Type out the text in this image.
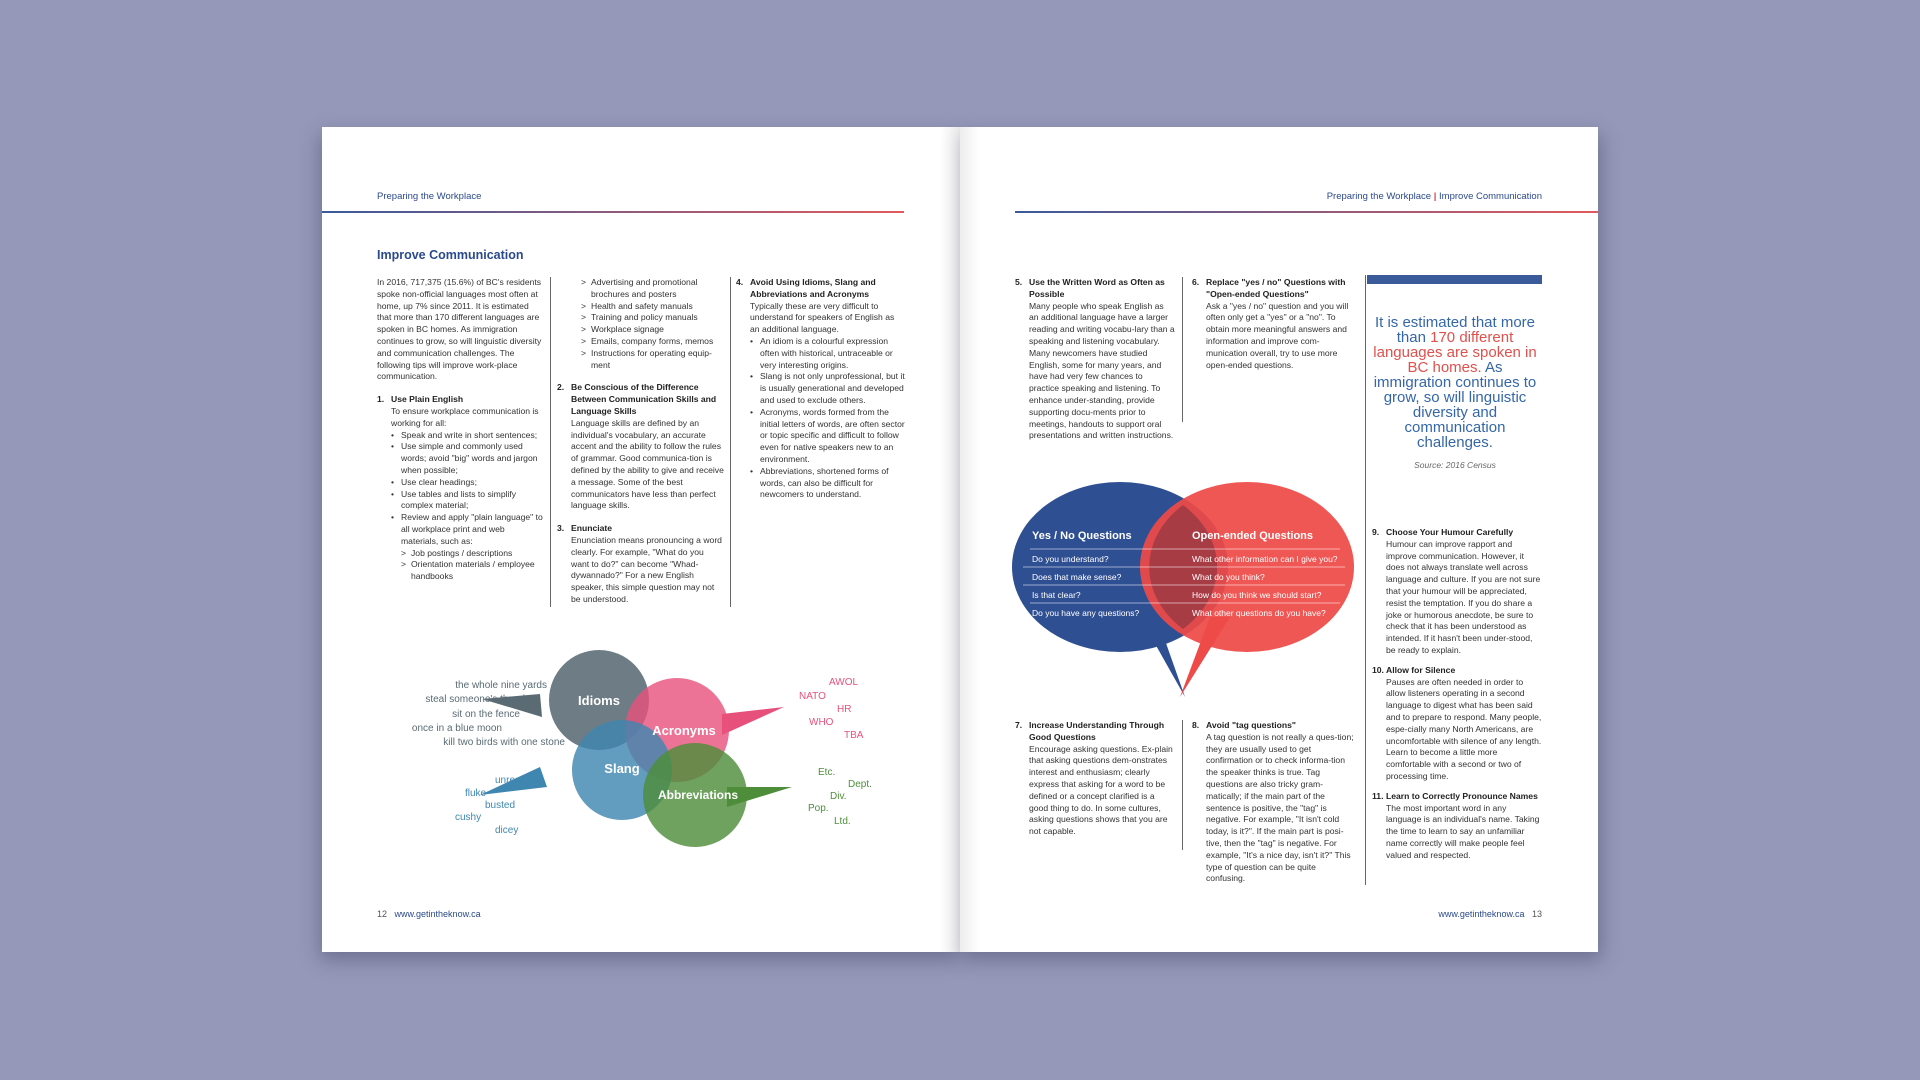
Preparing the Workplace
Improve Communication
In 2016, 717,375 (15.6%) of BC's residents spoke non-official languages most often at home, up 7% since 2011. It is estimated that more than 170 different languages are spoken in BC homes. As immigration continues to grow, so will linguistic diversity and communication challenges. The following tips will improve work-place communication.
1. Use Plain English
To ensure workplace communication is working for all:
• Speak and write in short sentences;
• Use simple and commonly used words; avoid "big" words and jargon when possible;
• Use clear headings;
• Use tables and lists to simplify complex material;
• Review and apply "plain language" to all workplace print and web materials, such as:
> Job postings / descriptions
> Orientation materials / employee handbooks
> Advertising and promotional brochures and posters
> Health and safety manuals
> Training and policy manuals
> Workplace signage
> Emails, company forms, memos
> Instructions for operating equip-ment
2. Be Conscious of the Difference Between Communication Skills and Language Skills
Language skills are defined by an individual's vocabulary, an accurate accent and the ability to follow the rules of grammar. Good communica-tion is defined by the ability to give and receive a message. Some of the best communicators have less than perfect language skills.
3. Enunciate
Enunciation means pronouncing a word clearly. For example, "What do you want to do?" can become "Whad-dywannado?" For a new English speaker, this simple question may not be understood.
4. Avoid Using Idioms, Slang and Abbreviations and Acronyms
Typically these are very difficult to understand for speakers of English as an additional language.
• An idiom is a colourful expression often with historical, untraceable or very interesting origins.
• Slang is not only unprofessional, but it is usually generational and developed and used to exclude others.
• Acronyms, words formed from the initial letters of words, are often sector or topic specific and difficult to follow even for native speakers new to an environment.
• Abbreviations, shortened forms of words, can also be difficult for newcomers to understand.
Idioms
Acronyms
Slang
Abbreviations
the whole nine yards
steal someone's thunder
sit on the fence
once in a blue moon
kill two birds with one stone
AWOL
NATO
HR
WHO
TBA
unreal
fluke
busted
cushy
dicey
Etc.
Dept.
Div.
Pop.
Ltd.
12 www.getintheknow.ca
Preparing the Workplace | Improve Communication
5. Use the Written Word as Often as Possible
Many people who speak English as an additional language have a larger reading and writing vocabu-lary than a speaking and listening vocabulary. Many newcomers have studied English, some for many years, and have had very few chances to practice speaking and listening. To enhance under-standing, provide supporting docu-ments prior to meetings, handouts to support oral presentations and written instructions.
6. Replace "yes / no" Questions with "Open-ended Questions"
Ask a "yes / no" question and you will often only get a "yes" or a "no". To obtain more meaningful answers and information and improve com-munication overall, try to use more open-ended questions.
It is estimated that more than 170 different languages are spoken in BC homes. As immigration continues to grow, so will linguistic diversity and communication challenges.
Source: 2016 Census
Yes / No Questions
Do you understand?
Does that make sense?
Is that clear?
Do you have any questions?
Open-ended Questions
What other information can I give you?
What do you think?
How do you think we should start?
What other questions do you have?
7. Increase Understanding Through Good Questions
Encourage asking questions. Ex-plain that asking questions dem-onstrates interest and enthusiasm; clearly express that asking for a word to be defined or a concept clarified is a good thing to do. In some cultures, asking questions shows that you are not capable.
8. Avoid "tag questions"
A tag question is not really a ques-tion; they are usually used to get confirmation or to check informa-tion the speaker thinks is true. Tag questions are also tricky gram-matically; if the main part of the sentence is positive, the "tag" is negative. For example, "It isn't cold today, is it?". If the main part is posi-tive, then the "tag" is negative. For example, "It's a nice day, isn't it?" This type of question can be quite confusing.
9. Choose Your Humour Carefully
Humour can improve rapport and improve communication. However, it does not always translate well across language and culture. If you are not sure that your humour will be appreciated, resist the temptation. If you do share a joke or humorous anecdote, be sure to check that it has been understood as intended. If it hasn't been under-stood, be ready to explain.
10. Allow for Silence
Pauses are often needed in order to allow listeners operating in a second language to digest what has been said and to prepare to respond. Many people, espe-cially many North Americans, are uncomfortable with silence of any length. Learn to become a little more comfortable with a second or two of processing time.
11. Learn to Correctly Pronounce Names
The most important word in any language is an individual's name. Taking the time to learn to say an unfamiliar name correctly will make people feel valued and respected.
www.getintheknow.ca 13
